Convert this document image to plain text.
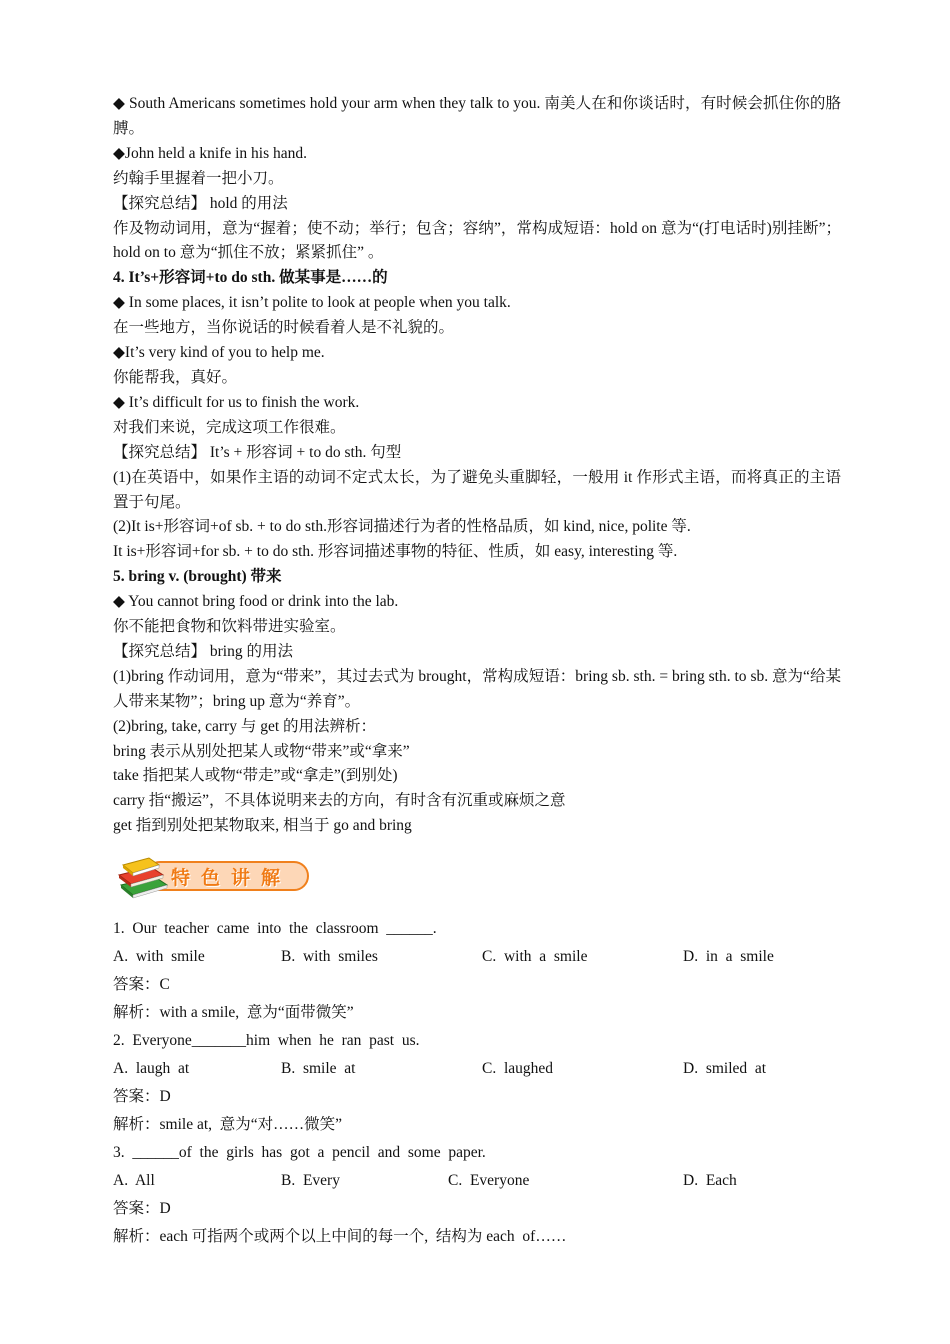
◆ South Americans sometimes hold your arm when they talk to you. 南美人在和你谈话时，有时候会抓住你的胳膊。
◆John held a knife in his hand.
约翰手里握着一把小刀。
【探究总结】 hold 的用法
作及物动词用，意为“握着；使不动；举行；包含；容纳”，常构成短语：hold on 意为“(打电话时)别挂断”；hold on to 意为“抓住不放；紧紧抓住” 。
4. It’s+形容词+to do sth. 做某事是……的
◆ In some places, it isn’t polite to look at people when you talk.
在一些地方，当你说话的时候看着人是不礼貌的。
◆It’s very kind of you to help me.
你能帮我，真好。
◆ It’s difficult for us to finish the work.
对我们来说，完成这项工作很难。
【探究总结】 It’s + 形容词 + to do sth. 句型
(1)在英语中，如果作主语的动词不定式太长，为了避免头重脚轻，一般用 it 作形式主语，而将真正的主语置于句尾。
(2)It is+形容词+of sb. + to do sth.形容词描述行为者的性格品质，如 kind, nice, polite 等.
It is+形容词+for sb. + to do sth. 形容词描述事物的特征、性质，如 easy, interesting 等.
5. bring v. (brought) 带来
◆ You cannot bring food or drink into the lab.
你不能把食物和饮料带进实验室。
【探究总结】 bring 的用法
(1)bring 作动词用，意为“带来”，其过去式为 brought，常构成短语：bring sb. sth. = bring sth. to sb. 意为“给某人带来某物”；bring up 意为“养育”。
(2)bring, take, carry 与 get 的用法辨析：
bring 表示从别处把某人或物“带来”或“拿来”
take 指把某人或物“带走”或“拿走”(到别处)
carry 指“搬运”，不具体说明来去的方向，有时含有沉重或麻烦之意
get 指到别处把某物取来, 相当于 go and bring
特色讲解
1.  Our  teacher  came  into  the  classroom  ______.
A.  with  smile	B.  with  smiles	C.  with  a  smile	D.  in  a  smile
答案：C
解析：with a smile,  意为“面带微笑”
2.  Everyone_______him  when  he  ran  past  us.
A.  laugh  at	B.  smile  at	C.  laughed	D.  smiled  at
答案：D
解析：smile at,  意为“对……微笑”
3.  ______of  the  girls  has  got  a  pencil  and  some  paper.
A.  All	B.  Every	C.  Everyone	D.  Each
答案：D
解析：each 可指两个或两个以上中间的每一个,  结构为 each  of……
